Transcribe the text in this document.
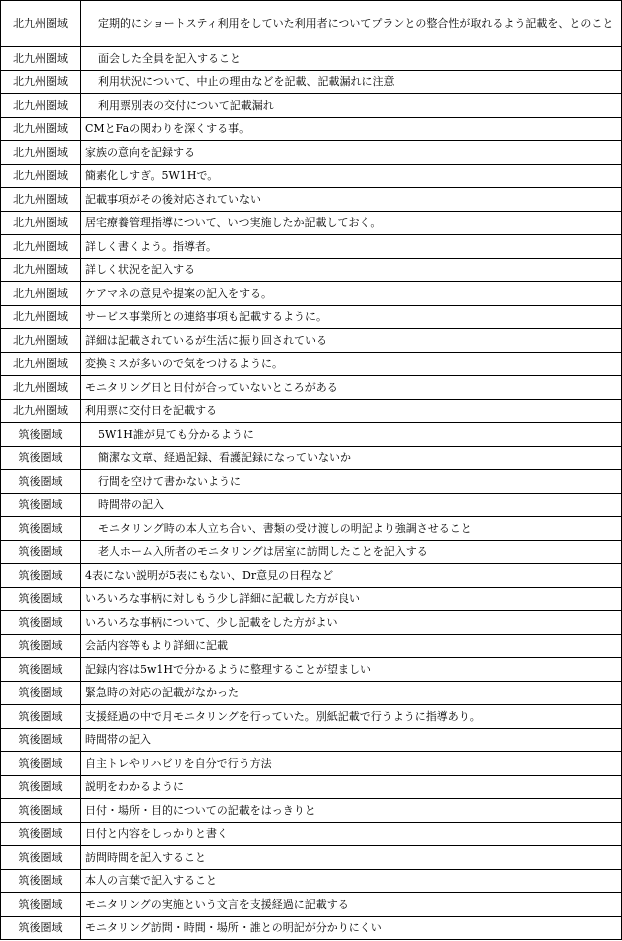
北九州圏域	定期的にショートスティ利用をしていた利用者についてプランとの整合性が取れるよう記載を、とのこと
北九州圏域	面会した全員を記入すること
北九州圏域	利用状況について、中止の理由などを記載、記載漏れに注意
北九州圏域	利用票別表の交付について記載漏れ
北九州圏域	CMとFaの関わりを深くする事。
北九州圏域	家族の意向を記録する
北九州圏域	簡素化しすぎ。5W1Hで。
北九州圏域	記載事項がその後対応されていない
北九州圏域	居宅療養管理指導について、いつ実施したか記載しておく。
北九州圏域	詳しく書くよう。指導者。
北九州圏域	詳しく状況を記入する
北九州圏域	ケアマネの意見や提案の記入をする。
北九州圏域	サービス事業所との連絡事項も記載するように。
北九州圏域	詳細は記載されているが生活に振り回されている
北九州圏域	変換ミスが多いので気をつけるように。
北九州圏域	モニタリング日と日付が合っていないところがある
北九州圏域	利用票に交付日を記載する
筑後圏域	5W1H誰が見ても分かるように
筑後圏域	簡潔な文章、経過記録、看護記録になっていないか
筑後圏域	行間を空けて書かないように
筑後圏域	時間帯の記入
筑後圏域	モニタリング時の本人立ち合い、書類の受け渡しの明記より強調させること
筑後圏域	老人ホーム入所者のモニタリングは居室に訪問したことを記入する
筑後圏域	4表にない説明が5表にもない、Dr意見の日程など
筑後圏域	いろいろな事柄に対しもう少し詳細に記載した方が良い
筑後圏域	いろいろな事柄について、少し記載をした方がよい
筑後圏域	会話内容等もより詳細に記載
筑後圏域	記録内容は5w1Hで分かるように整理することが望ましい
筑後圏域	緊急時の対応の記載がなかった
筑後圏域	支援経過の中で月モニタリングを行っていた。別紙記載で行うように指導あり。
筑後圏域	時間帯の記入
筑後圏域	自主トレやリハビリを自分で行う方法
筑後圏域	説明をわかるように
筑後圏域	日付・場所・目的についての記載をはっきりと
筑後圏域	日付と内容をしっかりと書く
筑後圏域	訪問時間を記入すること
筑後圏域	本人の言葉で記入すること
筑後圏域	モニタリングの実施という文言を支援経過に記載する
筑後圏域	モニタリング訪問・時間・場所・誰との明記が分かりにくい
